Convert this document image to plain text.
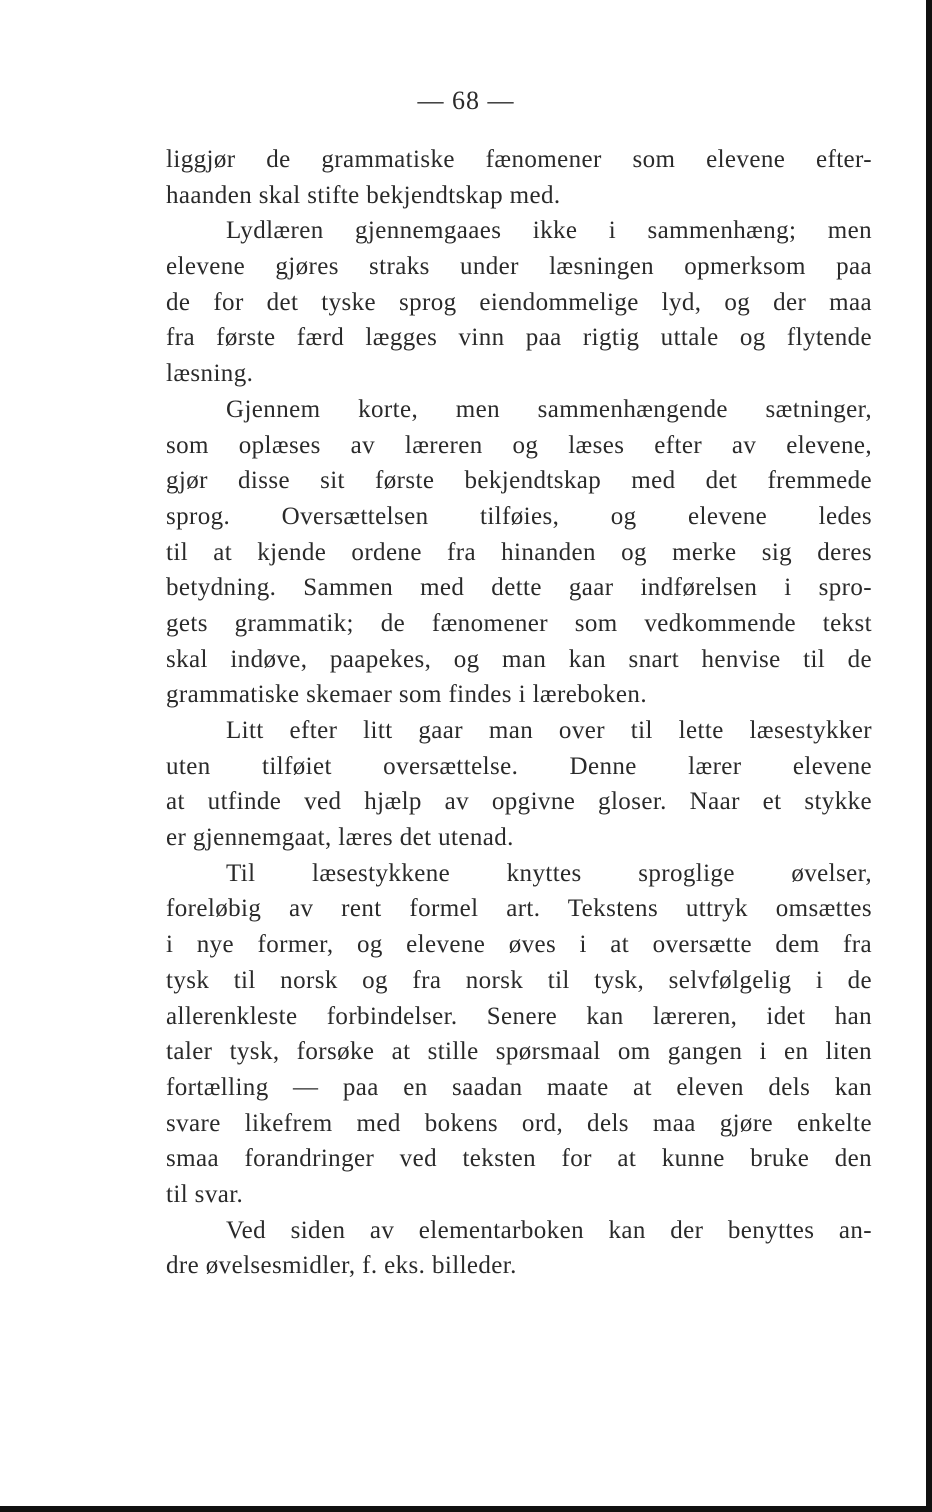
— 68 —
liggjør de grammatiske fænomener som elevene efter-
haanden skal stifte bekjendtskap med.
Lydlæren gjennemgaaes ikke i sammenhæng; men
elevene gjøres straks under læsningen opmerksom paa
de for det tyske sprog eiendommelige lyd, og der maa
fra første færd lægges vinn paa rigtig uttale og flytende
læsning.
Gjennem korte, men sammenhængende sætninger,
som oplæses av læreren og læses efter av elevene,
gjør disse sit første bekjendtskap med det fremmede
sprog. Oversættelsen tilføies, og elevene ledes
til at kjende ordene fra hinanden og merke sig deres
betydning. Sammen med dette gaar indførelsen i spro-
gets grammatik; de fænomener som vedkommende tekst
skal indøve, paapekes, og man kan snart henvise til de
grammatiske skemaer som findes i læreboken.
Litt efter litt gaar man over til lette læsestykker
uten tilføiet oversættelse. Denne lærer elevene
at utfinde ved hjælp av opgivne gloser. Naar et stykke
er gjennemgaat, læres det utenad.
Til læsestykkene knyttes sproglige øvelser,
foreløbig av rent formel art. Tekstens uttryk omsættes
i nye former, og elevene øves i at oversætte dem fra
tysk til norsk og fra norsk til tysk, selvfølgelig i de
allerenkleste forbindelser. Senere kan læreren, idet han
taler tysk, forsøke at stille spørsmaal om gangen i en liten
fortælling — paa en saadan maate at eleven dels kan
svare likefrem med bokens ord, dels maa gjøre enkelte
smaa forandringer ved teksten for at kunne bruke den
til svar.
Ved siden av elementarboken kan der benyttes an-
dre øvelsesmidler, f. eks. billeder.
